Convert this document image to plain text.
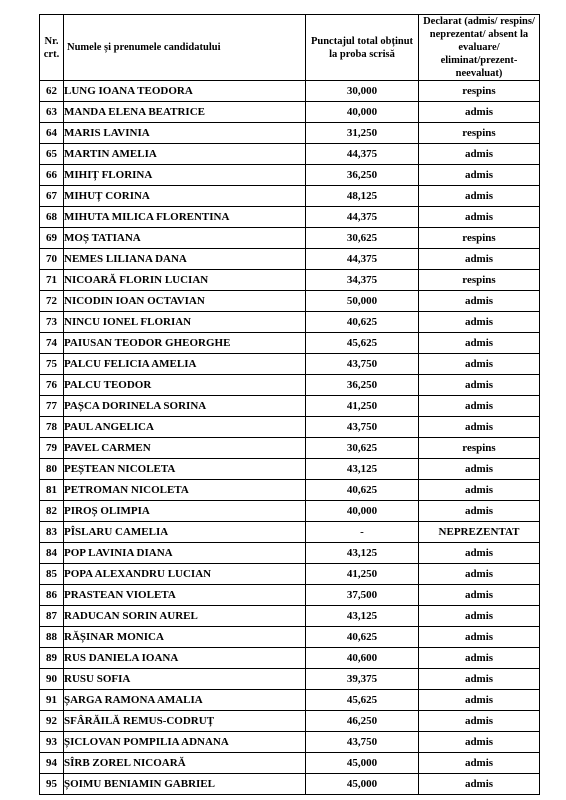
Nr. crt.	Numele și prenumele candidatului	Punctajul total obținut la proba scrisă	Declarat (admis/ respins/ neprezentat/ absent la evaluare/ eliminat/prezent-neevaluat)
62	LUNG IOANA TEODORA	30,000	respins
63	MANDA ELENA BEATRICE	40,000	admis
64	MARIS LAVINIA	31,250	respins
65	MARTIN AMELIA	44,375	admis
66	MIHIȚ FLORINA	36,250	admis
67	MIHUȚ CORINA	48,125	admis
68	MIHUTA MILICA FLORENTINA	44,375	admis
69	MOȘ TATIANA	30,625	respins
70	NEMES LILIANA DANA	44,375	admis
71	NICOARĂ FLORIN LUCIAN	34,375	respins
72	NICODIN IOAN OCTAVIAN	50,000	admis
73	NINCU IONEL FLORIAN	40,625	admis
74	PAIUSAN TEODOR GHEORGHE	45,625	admis
75	PALCU FELICIA AMELIA	43,750	admis
76	PALCU TEODOR	36,250	admis
77	PAȘCA DORINELA SORINA	41,250	admis
78	PAUL ANGELICA	43,750	admis
79	PAVEL CARMEN	30,625	respins
80	PEȘTEAN NICOLETA	43,125	admis
81	PETROMAN NICOLETA	40,625	admis
82	PIROȘ OLIMPIA	40,000	admis
83	PÎSLARU CAMELIA	-	NEPREZENTAT
84	POP LAVINIA DIANA	43,125	admis
85	POPA ALEXANDRU LUCIAN	41,250	admis
86	PRASTEAN VIOLETA	37,500	admis
87	RADUCAN SORIN AUREL	43,125	admis
88	RĂȘINAR MONICA	40,625	admis
89	RUS DANIELA IOANA	40,600	admis
90	RUSU SOFIA	39,375	admis
91	ȘARGA RAMONA AMALIA	45,625	admis
92	SFÂRĂILĂ REMUS-CODRUȚ	46,250	admis
93	ȘICLOVAN POMPILIA ADNANA	43,750	admis
94	SÎRB ZOREL NICOARĂ	45,000	admis
95	ȘOIMU BENIAMIN GABRIEL	45,000	admis
